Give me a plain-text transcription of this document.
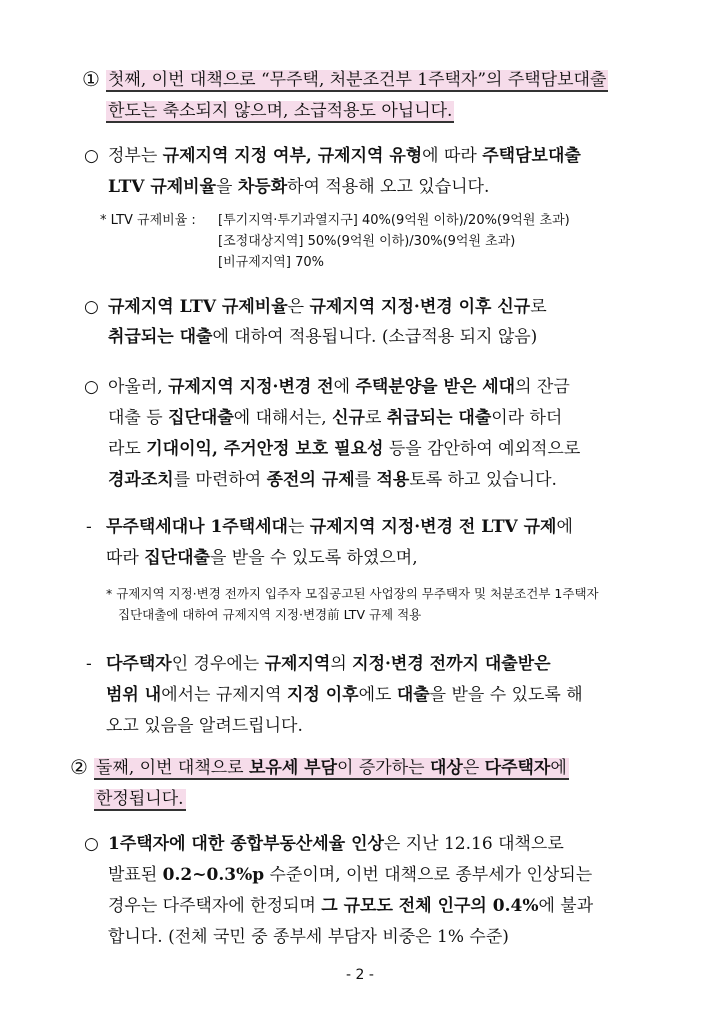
① 첫째, 이번 대책으로 “무주택, 처분조건부 1주택자”의 주택담보대출
한도는 축소되지 않으며, 소급적용도 아닙니다.
○ 정부는 규제지역 지정 여부, 규제지역 유형에 따라 주택담보대출
LTV 규제비율을 차등화하여 적용해 오고 있습니다.
* LTV 규제비율 : [투기지역·투기과열지구] 40%(9억원 이하)/20%(9억원 초과)
[조정대상지역] 50%(9억원 이하)/30%(9억원 초과)
[비규제지역] 70%
○ 규제지역 LTV 규제비율은 규제지역 지정·변경 이후 신규로
취급되는 대출에 대하여 적용됩니다. (소급적용 되지 않음)
○ 아울러, 규제지역 지정·변경 전에 주택분양을 받은 세대의 잔금
대출 등 집단대출에 대해서는, 신규로 취급되는 대출이라 하더
라도 기대이익, 주거안정 보호 필요성 등을 감안하여 예외적으로
경과조치를 마련하여 종전의 규제를 적용토록 하고 있습니다.
- 무주택세대나 1주택세대는 규제지역 지정·변경 전 LTV 규제에
따라 집단대출을 받을 수 있도록 하였으며,
* 규제지역 지정·변경 전까지 입주자 모집공고된 사업장의 무주택자 및 처분조건부 1주택자
집단대출에 대하여 규제지역 지정·변경前 LTV 규제 적용
- 다주택자인 경우에는 규제지역의 지정·변경 전까지 대출받은
범위 내에서는 규제지역 지정 이후에도 대출을 받을 수 있도록 해
오고 있음을 알려드립니다.
② 둘째, 이번 대책으로 보유세 부담이 증가하는 대상은 다주택자에
한정됩니다.
○ 1주택자에 대한 종합부동산세율 인상은 지난 12.16 대책으로
발표된 0.2~0.3%p 수준이며, 이번 대책으로 종부세가 인상되는
경우는 다주택자에 한정되며 그 규모도 전체 인구의 0.4%에 불과
합니다. (전체 국민 중 종부세 부담자 비중은 1% 수준)
- 2 -
